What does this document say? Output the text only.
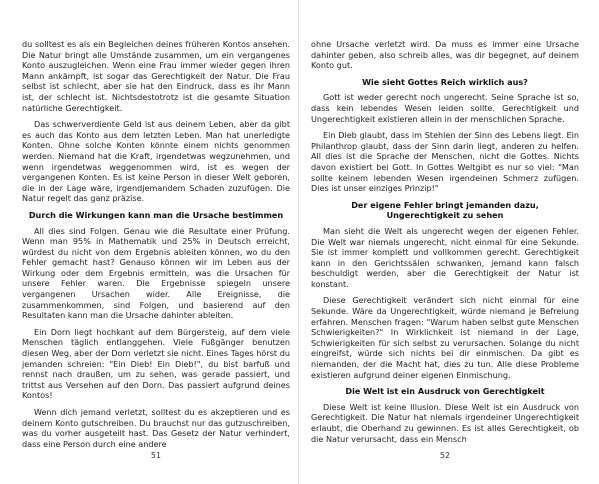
du solltest es als ein Begleichen deines früheren Kontos ansehen. Die Natur bringt alle Umstände zusammen, um ein vergangenes Konto auszugleichen. Wenn eine Frau immer wieder gegen ihren Mann ankämpft, ist sogar das Gerechtigkeit der Natur. Die Frau selbst ist schlecht, aber sie hat den Eindruck, dass es ihr Mann ist, der schlecht ist. Nichtsdestotrotz ist die gesamte Situation natürliche Gerechtigkeit.

Das schwerverdiente Geld ist aus deinem Leben, aber da gibt es auch das Konto aus dem letzten Leben. Man hat unerledigte Konten. Ohne solche Konten könnte einem nichts genommen werden. Niemand hat die Kraft, irgendetwas wegzunehmen, und wenn irgendetwas weggenommen wird, ist es wegen der vergangenen Konten. Es ist keine Person in dieser Welt geboren, die in der Lage wäre, irgendjemandem Schaden zuzufügen. Die Natur regelt das ganz präzise.

Durch die Wirkungen kann man die Ursache bestimmen

All dies sind Folgen. Genau wie die Resultate einer Prüfung. Wenn man 95% in Mathematik und 25% in Deutsch erreicht, würdest du nicht von dem Ergebnis ableiten können, wo du den Fehler gemacht hast? Genauso können wir im Leben aus der Wirkung oder dem Ergebnis ermitteln, was die Ursachen für unsere Fehler waren. Die Ergebnisse spiegeln unsere vergangenen Ursachen wider. Alle Ereignisse, die zusammenkommen, sind Folgen, und basierend auf den Resultaten kann man die Ursache dahinter ableiten.

Ein Dorn liegt hochkant auf dem Bürgersteig, auf dem viele Menschen täglich entlanggehen. Viele Fußgänger benutzen diesen Weg, aber der Dorn verletzt sie nicht. Eines Tages hörst du jemanden schreien: "Ein Dieb! Ein Dieb!", du bist barfuß und rennst nach draußen, um zu sehen, was gerade passiert, und trittst aus Versehen auf den Dorn. Das passiert aufgrund deines Kontos!

Wenn dich jemand verletzt, solltest du es akzeptieren und es deinem Konto gutschreiben. Du brauchst nur das gutzuschreiben, was du vorher ausgeteilt hast. Das Gesetz der Natur verhindert, dass eine Person durch eine andere

51

ohne Ursache verletzt wird. Da muss es immer eine Ursache dahinter geben, also schreib alles, was dir begegnet, auf deinem Konto gut.

Wie sieht Gottes Reich wirklich aus?

Gott ist weder gerecht noch ungerecht. Seine Sprache ist so, dass kein lebendes Wesen leiden sollte. Gerechtigkeit und Ungerechtigkeit existieren allein in der menschlichen Sprache.

Ein Dieb glaubt, dass im Stehlen der Sinn des Lebens liegt. Ein Philanthrop glaubt, dass der Sinn darin liegt, anderen zu helfen. All dies ist die Sprache der Menschen, nicht die Gottes. Nichts davon existiert bei Gott. In Gottes Weltgibt es nur so viel: "Man sollte keinem lebenden Wesen irgendeinen Schmerz zufügen. Dies ist unser einziges Prinzip!"

Der eigene Fehler bringt jemanden dazu,
Ungerechtigkeit zu sehen

Man sieht die Welt als ungerecht wegen der eigenen Fehler. Die Welt war niemals ungerecht, nicht einmal für eine Sekunde. Sie ist immer komplett und vollkommen gerecht. Gerechtigkeit kann in den Gerichtssälen schwanken, jemand kann falsch beschuldigt werden, aber die Gerechtigkeit der Natur ist konstant.

Diese Gerechtigkeit verändert sich nicht einmal für eine Sekunde. Wäre da Ungerechtigkeit, würde niemand je Befreiung erfahren. Menschen fragen: "Warum haben selbst gute Menschen Schwierigkeiten?" In Wirklichkeit ist niemand in der Lage, Schwierigkeiten für sich selbst zu verursachen. Solange du nicht eingreifst, würde sich nichts bei dir einmischen. Da gibt es niemanden, der die Macht hat, dies zu tun. Alle diese Probleme existieren aufgrund deiner eigenen Einmischung.

Die Welt ist ein Ausdruck von Gerechtigkeit

Diese Welt ist keine Illusion. Diese Welt ist ein Ausdruck von Gerechtigkeit. Die Natur hat niemals irgendeiner Ungerechtigkeit erlaubt, die Oberhand zu gewinnen. Es ist alles Gerechtigkeit, ob die Natur verursacht, dass ein Mensch

52
